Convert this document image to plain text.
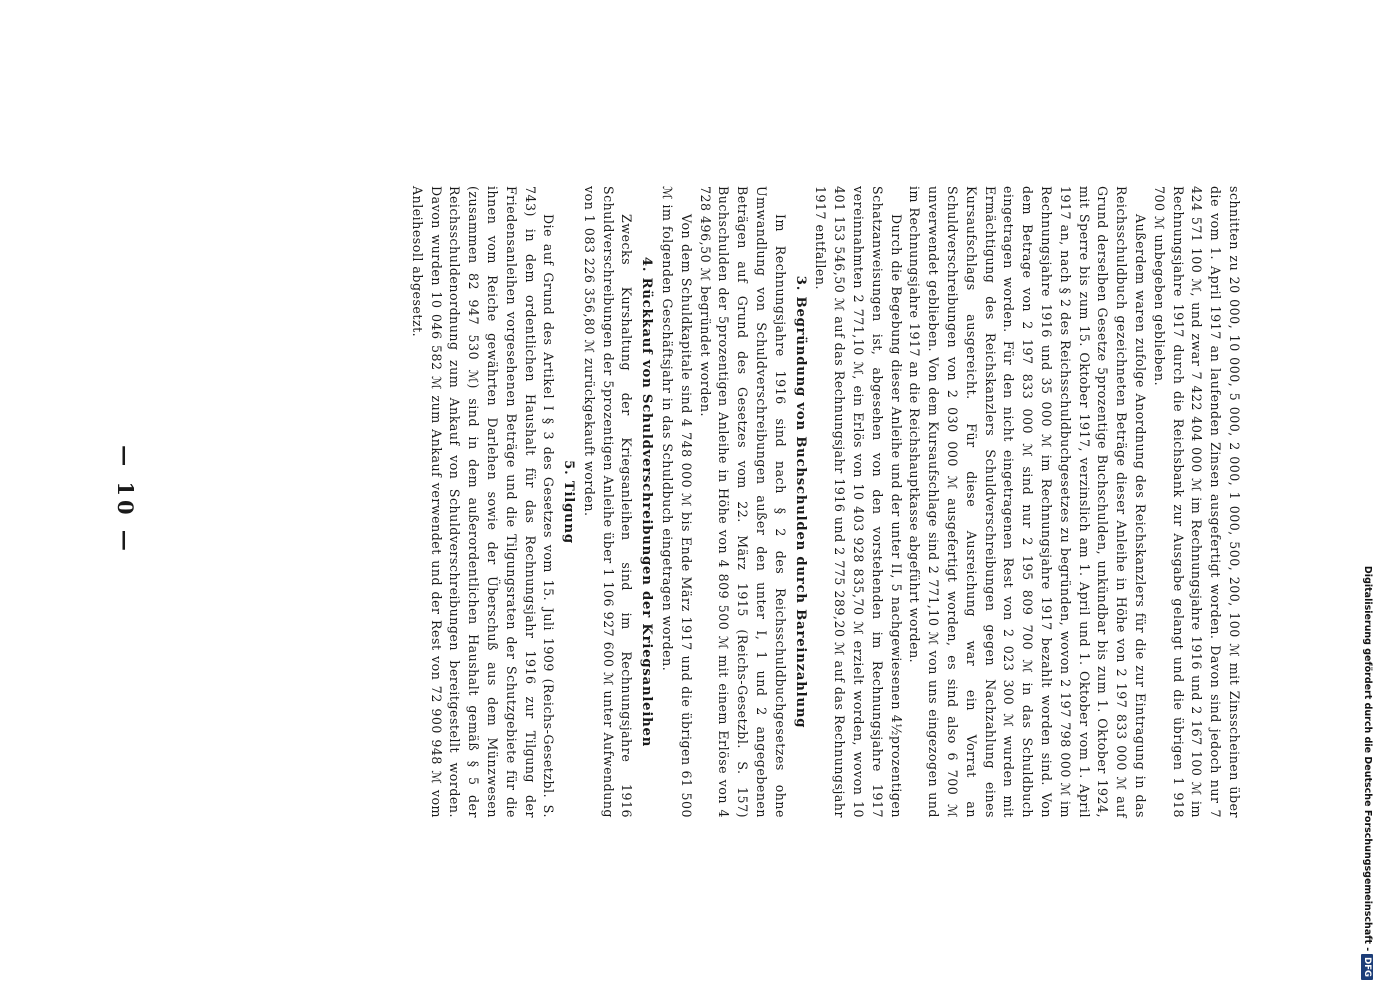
— 10 —	schnitten zu 20 000, 10 000, 5 000, 2 000, 1 000, 500, 200, 100 ℳ mit Zinsscheinen über die vom 1. April 1917 an laufenden Zinsen ausgefertigt worden. Davon sind jedoch nur 7 424 571 100 ℳ, und zwar 7 422 404 000 ℳ im Rechnungsjahre 1916 und 2 167 100 ℳ im Rechnungsjahre 1917 durch die Reichsbank zur Ausgabe gelangt und die übrigen 1 918 700 ℳ unbegeben geblieben.

Außerdem waren zufolge Anordnung des Reichskanzlers für die zur Eintragung in das Reichsschuldbuch gezeichneten Beträge dieser Anleihe in Höhe von 2 197 833 000 ℳ auf Grund derselben Gesetze 5prozentige Buchschulden, unkündbar bis zum 1. Oktober 1924, mit Sperre bis zum 15. Oktober 1917, verzinslich am 1. April und 1. Oktober vom 1. April 1917 an, nach § 2 des Reichsschuldbuchgesetzes zu begründen, wovon 2 197 798 000 ℳ im Rechnungsjahre 1916 und 35 000 ℳ im Rechnungsjahre 1917 bezahlt worden sind. Von dem Betrage von 2 197 833 000 ℳ sind nur 2 195 809 700 ℳ in das Schuldbuch eingetragen worden. Für den nicht eingetragenen Rest von 2 023 300 ℳ wurden mit Ermächtigung des Reichskanzlers Schuldverschreibungen gegen Nachzahlung eines Kursaufschlags ausgereicht. Für diese Ausreichung war ein Vorrat an Schuldverschreibungen von 2 030 000 ℳ ausgefertigt worden, es sind also 6 700 ℳ unverwendet geblieben. Von dem Kursaufschlage sind 2 771,10 ℳ von uns eingezogen und im Rechnungsjahre 1917 an die Reichshauptkasse abgeführt worden.

Durch die Begebung dieser Anleihe und der unter II, 5 nachgewiesenen 4½prozentigen Schatzanweisungen ist, abgesehen von den vorstehenden im Rechnungsjahre 1917 vereinnahmten 2 771,10 ℳ, ein Erlös von 10 403 928 835,70 ℳ erzielt worden, wovon 10 401 153 546,50 ℳ auf das Rechnungsjahr 1916 und 2 775 289,20 ℳ auf das Rechnungsjahr 1917 entfallen.

3. Begründung von Buchschulden durch Bareinzahlung

Im Rechnungsjahre 1916 sind nach § 2 des Reichsschuldbuchgesetzes ohne Umwandlung von Schuldverschreibungen außer den unter I, 1 und 2 angegebenen Beträgen auf Grund des Gesetzes vom 22. März 1915 (Reichs-Gesetzbl. S. 157) Buchschulden der 5prozentigen Anleihe in Höhe von 4 809 500 ℳ mit einem Erlöse von 4 728 496,50 ℳ begründet worden.

Von dem Schuldkapitale sind 4 748 000 ℳ bis Ende März 1917 und die übrigen 61 500 ℳ im folgenden Geschäftsjahr in das Schuldbuch eingetragen worden.

4. Rückkauf von Schuldverschreibungen der Kriegsanleihen

Zwecks Kurshaltung der Kriegsanleihen sind im Rechnungsjahre 1916 Schuldverschreibungen der 5prozentigen Anleihe über 1 106 927 600 ℳ unter Aufwendung von 1 083 226 356,80 ℳ zurückgekauft worden.

5. Tilgung

Die auf Grund des Artikel I § 3 des Gesetzes vom 15. Juli 1909 (Reichs-Gesetzbl. S. 743) in dem ordentlichen Haushalt für das Rechnungsjahr 1916 zur Tilgung der Friedensanleihen vorgesehenen Beträge und die Tilgungsraten der Schutzgebiete für die ihnen vom Reiche gewährten Darlehen sowie der Überschuß aus dem Münzwesen (zusammen 82 947 530 ℳ) sind in dem außerordentlichen Haushalt gemäß § 5 der Reichsschuldenordnung zum Ankauf von Schuldverschreibungen bereitgestellt worden. Davon wurden 10 046 582 ℳ zum Ankauf verwendet und der Rest von 72 900 948 ℳ vom Anleihesoll abgesetzt.

Digitalisierung gefördert durch die Deutsche Forschungsgemeinschaft -DFG
